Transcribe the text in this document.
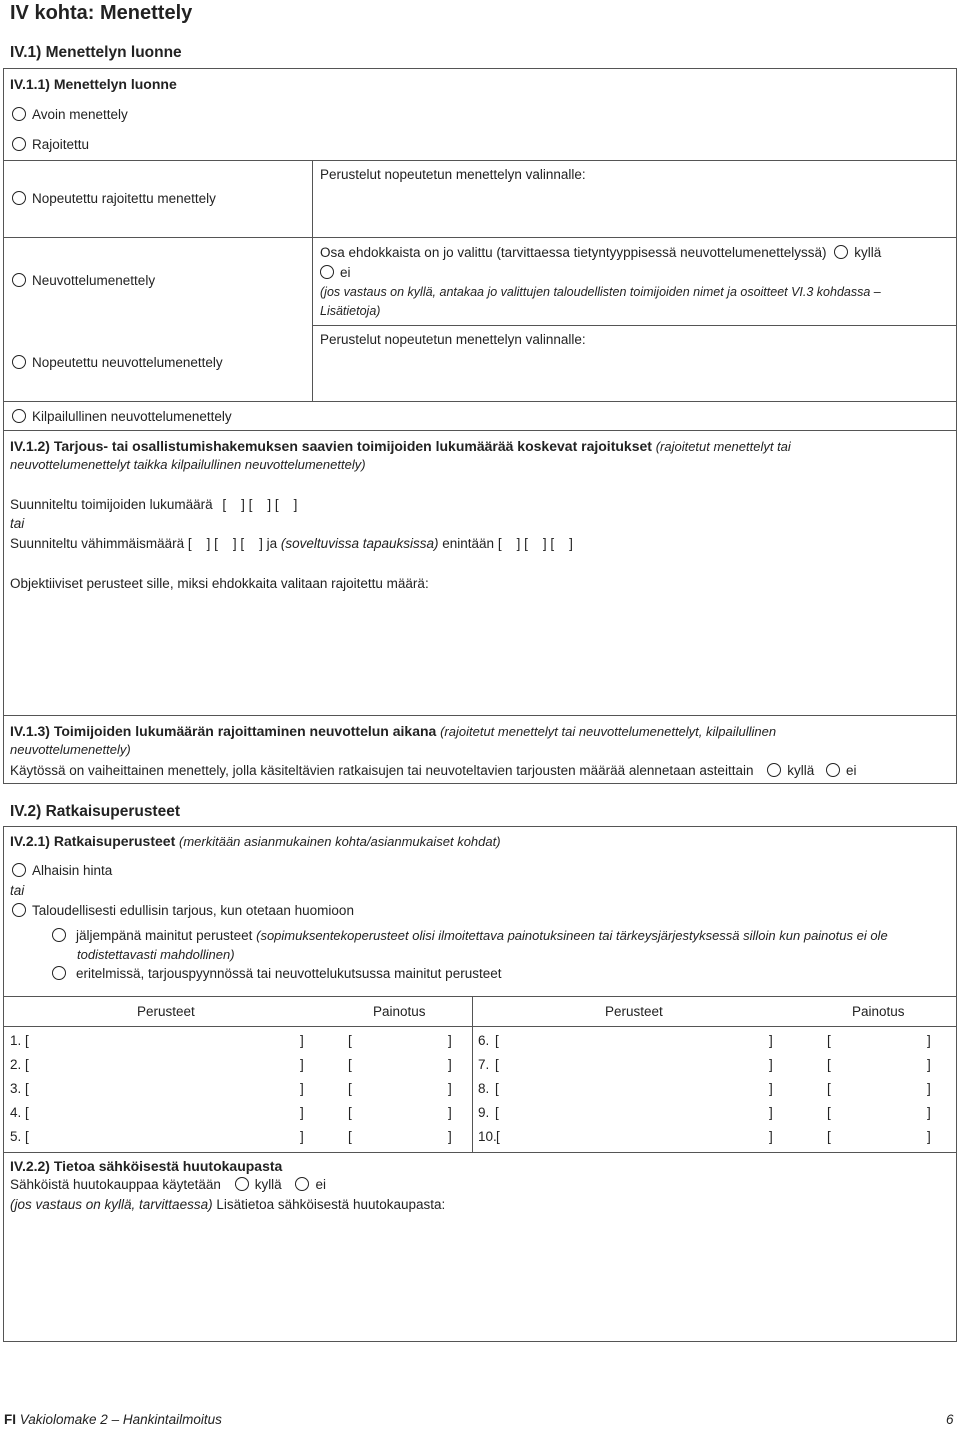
IV kohta: Menettely
IV.1) Menettelyn luonne
IV.1.1) Menettelyn luonne
Avoin menettely
Rajoitettu
Nopeutettu rajoitettu menettely
Perustelut nopeutetun menettelyn valinnalle:
Neuvottelumenettely
Nopeutettu neuvottelumenettely
Osa ehdokkaista on jo valittu (tarvittaessa tietyntyyppisessä neuvottelumenettelyssä) kyllä
ei
(jos vastaus on kyllä, antakaa jo valittujen taloudellisten toimijoiden nimet ja osoitteet VI.3 kohdassa –
Lisätietoja)
Perustelut nopeutetun menettelyn valinnalle:
Kilpailullinen neuvottelumenettely
IV.1.2) Tarjous- tai osallistumishakemuksen saavien toimijoiden lukumäärää koskevat rajoitukset (rajoitetut menettelyt tai
neuvottelumenettelyt taikka kilpailullinen neuvottelumenettely)
Suunniteltu toimijoiden lukumäärä [    ] [    ] [    ]
tai
Suunniteltu vähimmäismäärä [    ] [    ] [    ] ja (soveltuvissa tapauksissa) enintään [    ] [    ] [    ]
Objektiiviset perusteet sille, miksi ehdokkaita valitaan rajoitettu määrä:
IV.1.3) Toimijoiden lukumäärän rajoittaminen neuvottelun aikana (rajoitetut menettelyt tai neuvottelumenettelyt, kilpailullinen
neuvottelumenettely)
Käytössä on vaiheittainen menettely, jolla käsiteltävien ratkaisujen tai neuvoteltavien tarjousten määrää alennetaan asteittain	kyllä ei
IV.2) Ratkaisuperusteet
IV.2.1) Ratkaisuperusteet (merkitään asianmukainen kohta/asianmukaiset kohdat)
Alhaisin hinta
tai
Taloudellisesti edullisin tarjous, kun otetaan huomioon
jäljempänä mainitut perusteet (sopimuksentekoperusteet olisi ilmoitettava painotuksineen tai tärkeysjärjestyksessä silloin kun painotus ei ole
todistettavasti mahdollinen)
eritelmissä, tarjouspyynnössä tai neuvottelukutsussa mainitut perusteet
Perusteet	Painotus	Perusteet	Painotus
1. [	]	[	] 6. [	]	[	]
2. [	]	[	] 7. [	]	[	]
3. [	]	[	] 8. [	]	[	]
4. [	]	[	] 9. [	]	[	]
5. [	]	[	] 10. [	]	[	]
IV.2.2) Tietoa sähköisestä huutokaupasta
Sähköistä huutokauppaa käytetään	kyllä	ei
(jos vastaus on kyllä, tarvittaessa) Lisätietoa sähköisestä huutokaupasta:
FI Vakiolomake 2 – Hankintailmoitus	6
